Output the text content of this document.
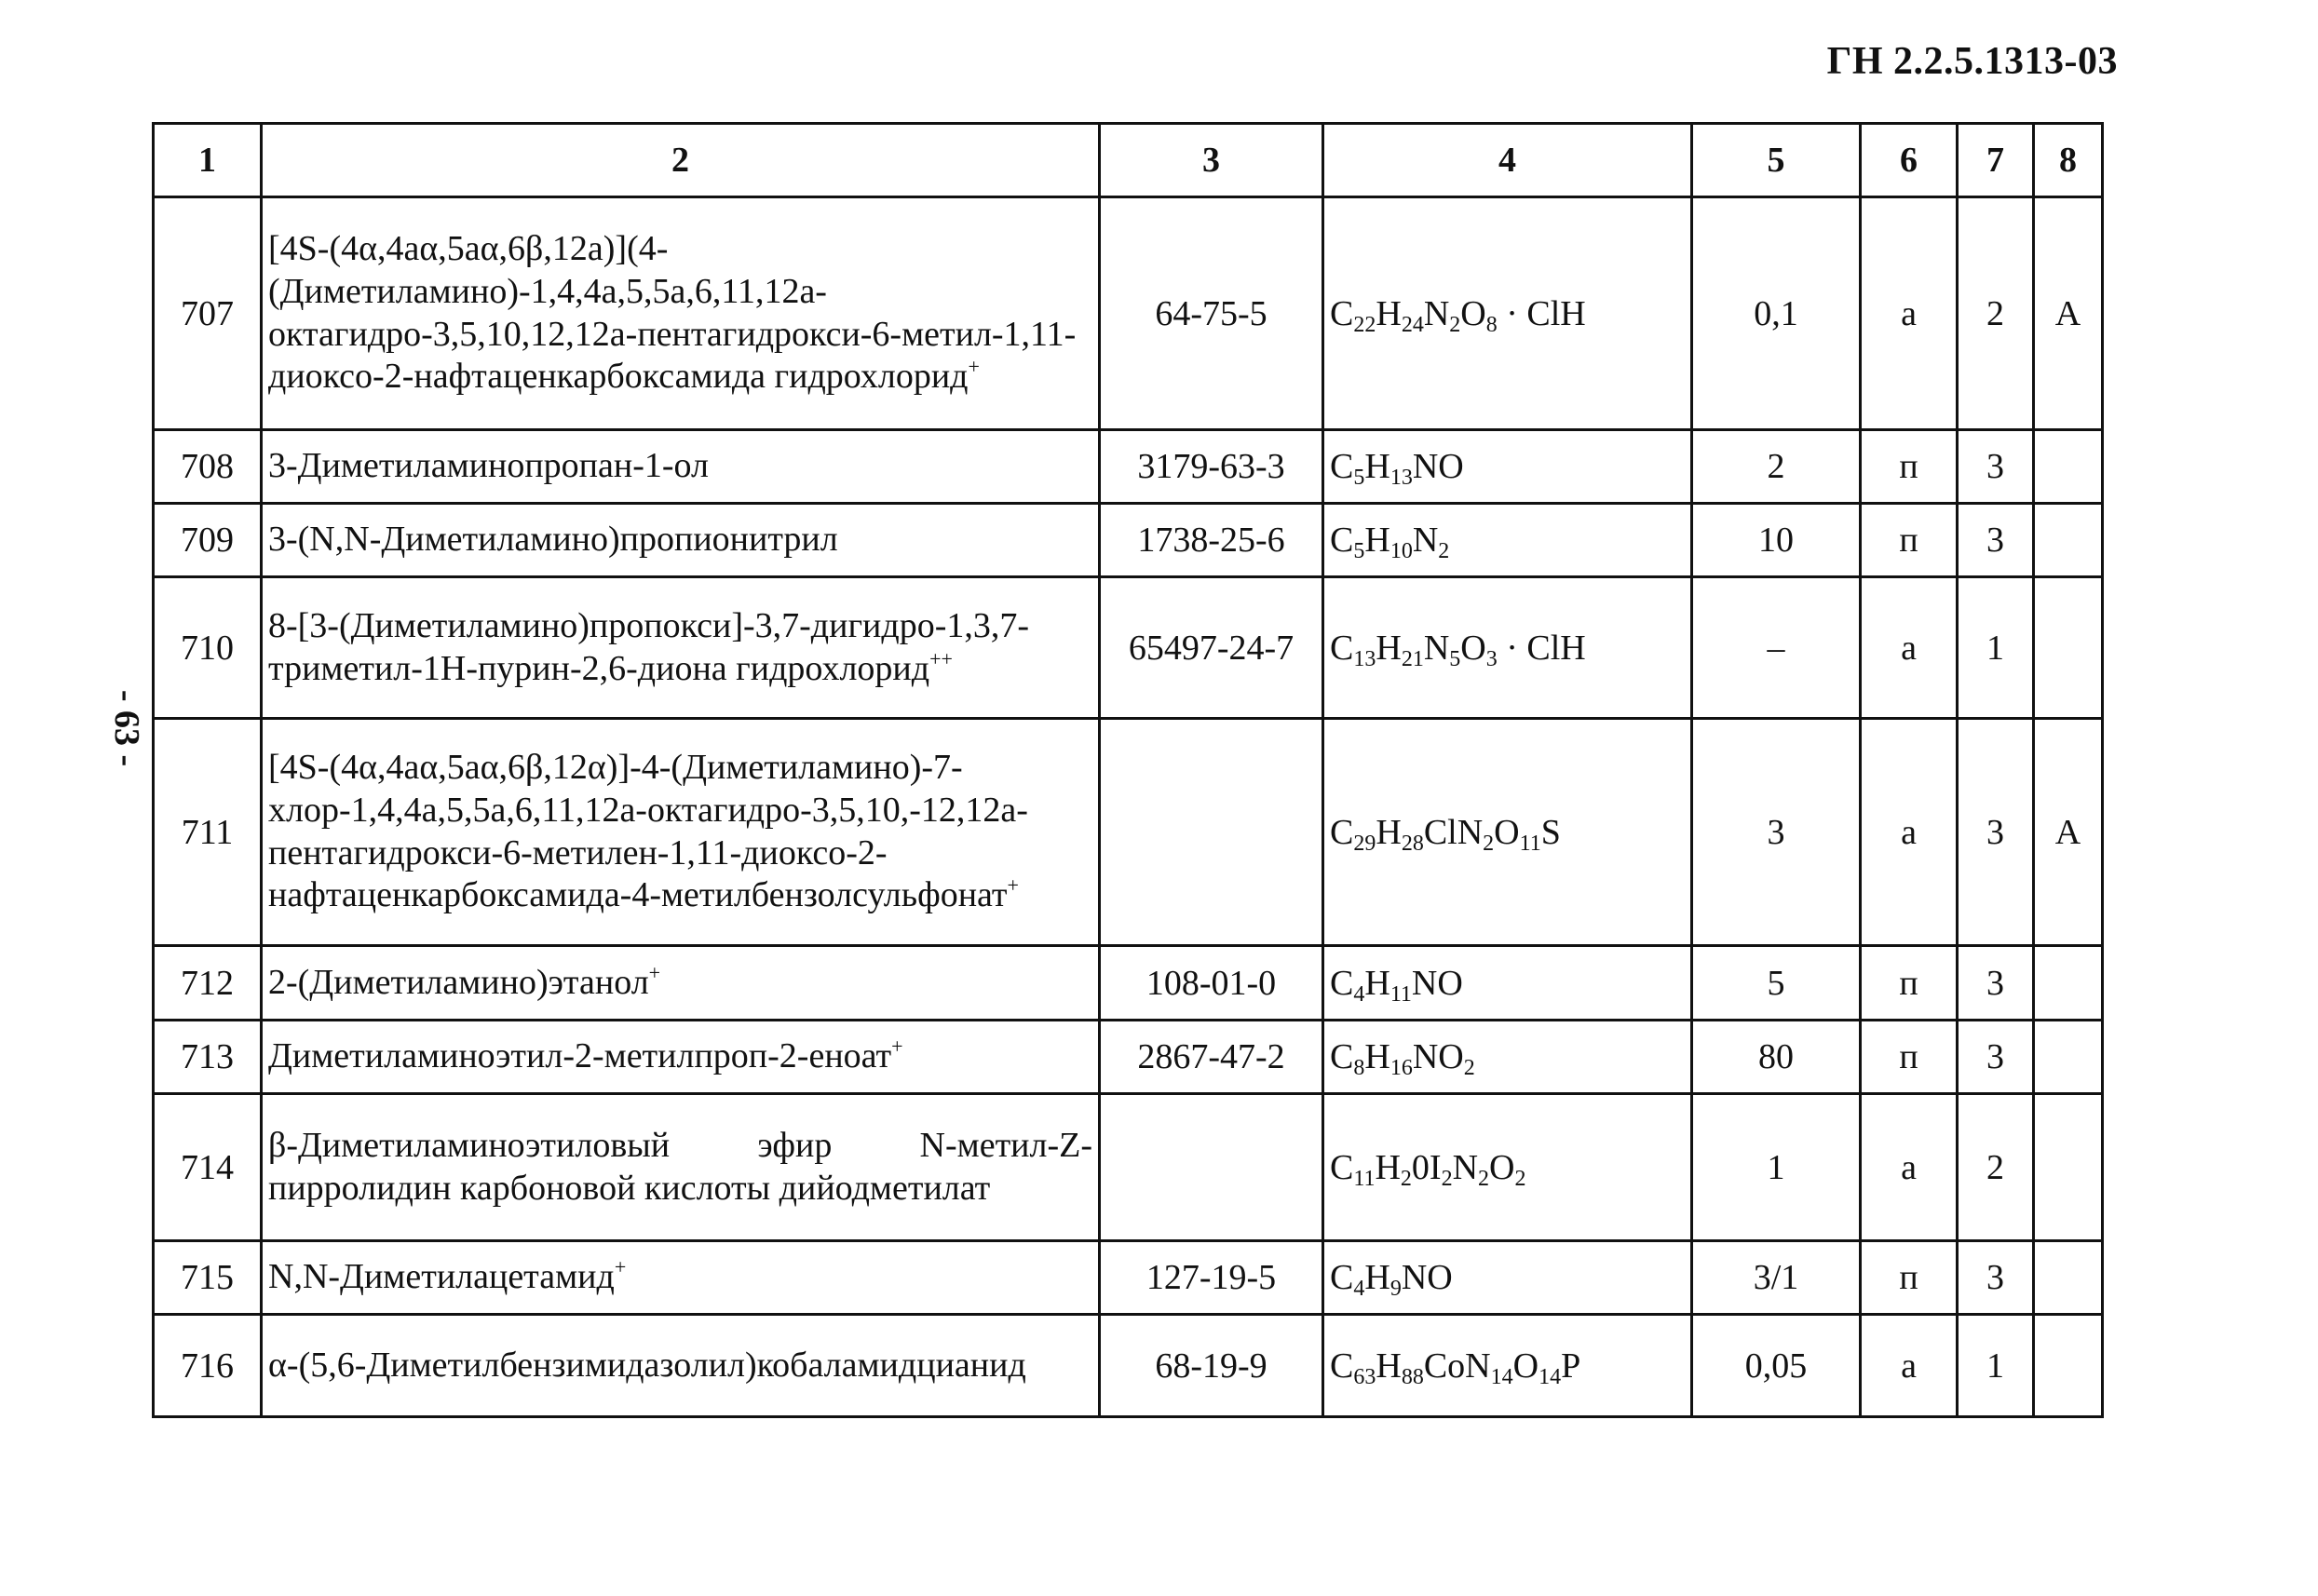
ГН 2.2.5.1313-03
- 63 -
1	2	3	4	5	6	7	8
707	[4S-(4α,4aα,5aα,6β,12a)](4-(Диметиламино)-1,4,4a,5,5a,6,11,12a-октагидро-3,5,10,12,12a-пентагидрокси-6-метил-1,11-диоксо-2-нафтаценкарбоксамида гидрохлорид+	64-75-5	$C_{22}H_{24}N_2O_8$ · ClH	0,1	а	2	А
708	3-Диметиламинопропан-1-ол	3179-63-3	$C_5H_{13}NO$	2	п	3	
709	3-(N,N-Диметиламино)пропионитрил	1738-25-6	$C_5H_{10}N_2$	10	п	3	
710	8-[3-(Диметиламино)пропокси]-3,7-дигидро-1,3,7-триметил-1H-пурин-2,6-диона гидрохлорид++	65497-24-7	$C_{13}H_{21}N_5O_3$ · ClH	–	а	1	
711	[4S-(4α,4aα,5aα,6β,12α)]-4-(Диметиламино)-7-хлор-1,4,4a,5,5a,6,11,12a-октагидро-3,5,10,-12,12a-пентагидрокси-6-метилен-1,11-диоксо-2-нафтаценкарбоксамида-4-метилбензолсульфонат+		$C_{29}H_{28}ClN_2O_{11}S$	3	а	3	А
712	2-(Диметиламино)этанол+	108-01-0	$C_4H_{11}NO$	5	п	3	
713	Диметиламиноэтил-2-метилпроп-2-еноат+	2867-47-2	$C_8H_{16}NO_2$	80	п	3	
714	β-Диметиламиноэтиловый эфир N-метил-Z-пирролидин карбоновой кислоты дийодметилат		$C_{11}H_20I_2N_2O_2$	1	а	2	
715	N,N-Диметилацетамид+	127-19-5	$C_4H_9NO$	3/1	п	3	
716	α-(5,6-Диметилбензимидазолил)кобаламидцианид	68-19-9	$C_{63}H_{88}CoN_{14}O_{14}P$	0,05	а	1	
